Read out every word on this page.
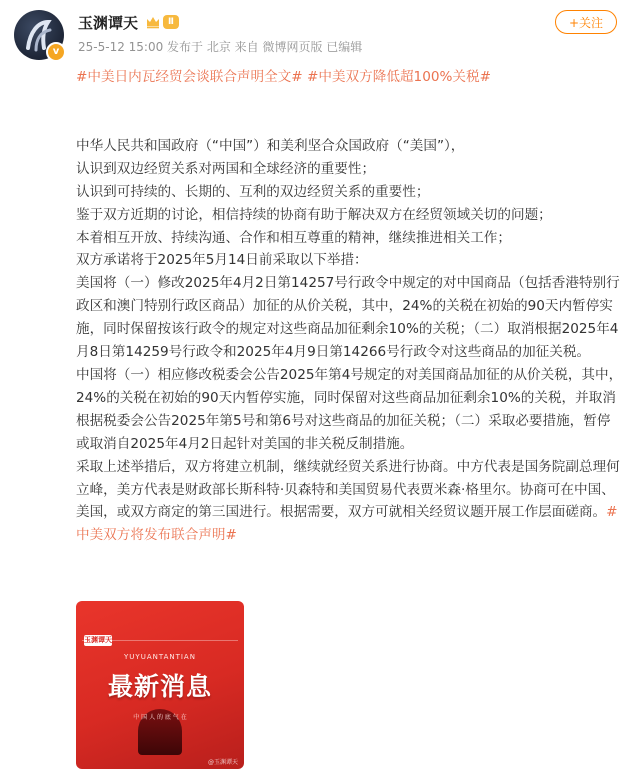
v
玉渊谭天	Ⅱ
25-5-12 15:00 发布于 北京 来自 微博网页版 已编辑
+关注

#中美日内瓦经贸会谈联合声明全文# #中美双方降低超100%关税#

中华人民共和国政府（“中国”）和美利坚合众国政府（“美国”），

认识到双边经贸关系对两国和全球经济的重要性；

认识到可持续的、长期的、互利的双边经贸关系的重要性；

鉴于双方近期的讨论，相信持续的协商有助于解决双方在经贸领域关切的问题；

本着相互开放、持续沟通、合作和相互尊重的精神，继续推进相关工作；

双方承诺将于2025年5月14日前采取以下举措：

美国将（一）修改2025年4月2日第14257号行政令中规定的对中国商品（包括香港特别行政区和澳门特别行政区商品）加征的从价关税，其中，24%的关税在初始的90天内暂停实施，同时保留按该行政令的规定对这些商品加征剩余10%的关税；（二）取消根据2025年4月8日第14259号行政令和2025年4月9日第14266号行政令对这些商品的加征关税。

中国将（一）相应修改税委会公告2025年第4号规定的对美国商品加征的从价关税，其中，24%的关税在初始的90天内暂停实施，同时保留对这些商品加征剩余10%的关税，并取消根据税委会公告2025年第5号和第6号对这些商品的加征关税；（二）采取必要措施，暂停或取消自2025年4月2日起针对美国的非关税反制措施。

采取上述举措后，双方将建立机制，继续就经贸关系进行协商。中方代表是国务院副总理何立峰，美方代表是财政部长斯科特·贝森特和美国贸易代表贾米森·格里尔。协商可在中国、美国，或双方商定的第三国进行。根据需要，双方可就相关经贸议题开展工作层面磋商。#中美双方将发布联合声明#

玉渊谭天
YUYUANTANTIAN
最新消息
中 国 人 的 底 气 在
@玉渊谭天
